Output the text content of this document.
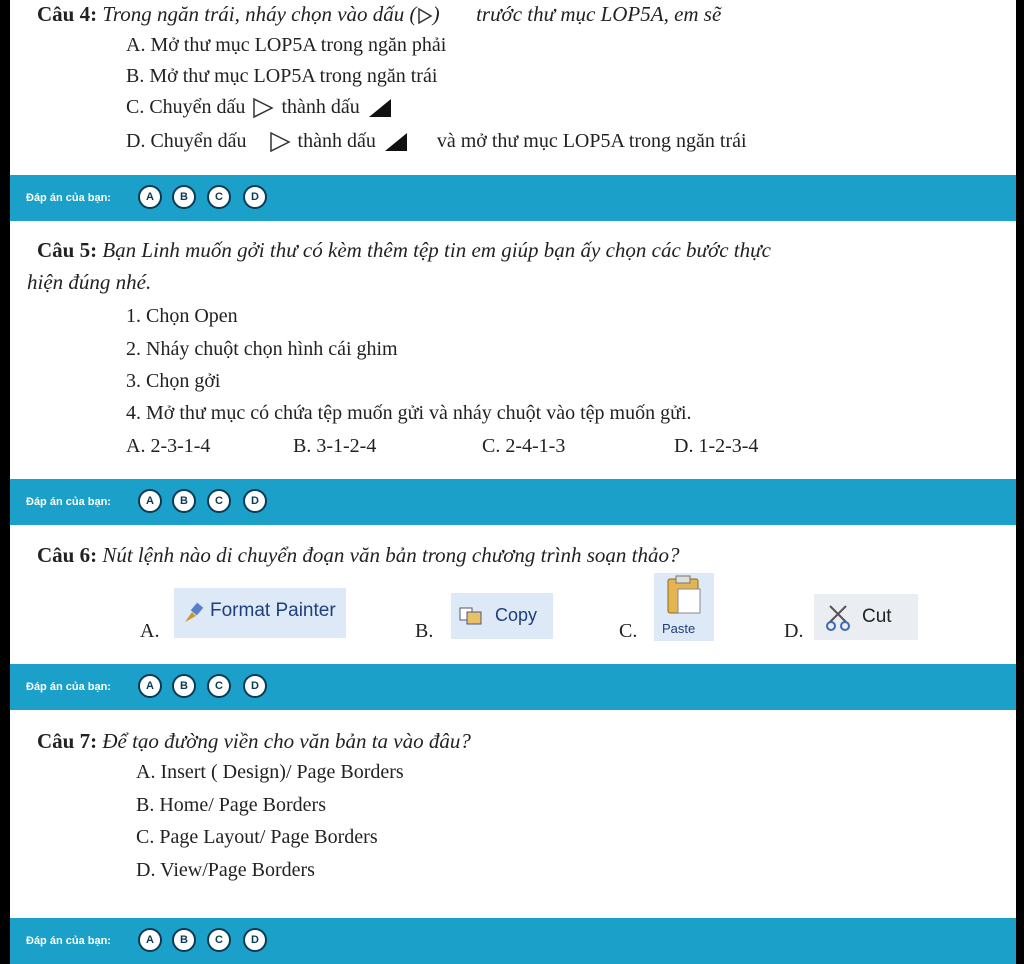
Câu 4: Trong ngăn trái, nháy chọn vào dấu ( ) trước thư mục LOP5A, em sẽ
A. Mở thư mục LOP5A trong ngăn phải
B. Mở thư mục LOP5A trong ngăn trái
C. Chuyển dấu thành dấu
D. Chuyển dấu	thành dấu	và mở thư mục LOP5A trong ngăn trái
Đáp án của bạn:	A	B	C	D
Câu 5: Bạn Linh muốn gởi thư có kèm thêm tệp tin em giúp bạn ấy chọn các bước thực
hiện đúng nhé.
1. Chọn Open
2. Nháy chuột chọn hình cái ghim
3. Chọn gởi
4. Mở thư mục có chứa tệp muốn gửi và nháy chuột vào tệp muốn gửi.
A. 2-3-1-4	B. 3-1-2-4	C. 2-4-1-3	D. 1-2-3-4
Đáp án của bạn:	A	B	C	D
Câu 6: Nút lệnh nào di chuyển đoạn văn bản trong chương trình soạn thảo?
A.
Format Painter
B.
Copy
C. Paste	D.
Cut
Đáp án của bạn:	A	B	C	D
Câu 7: Để tạo đường viền cho văn bản ta vào đâu?
A. Insert ( Design)/ Page Borders
B. Home/ Page Borders
C. Page Layout/ Page Borders
D. View/Page Borders
Đáp án của bạn:	A	B	C	D
